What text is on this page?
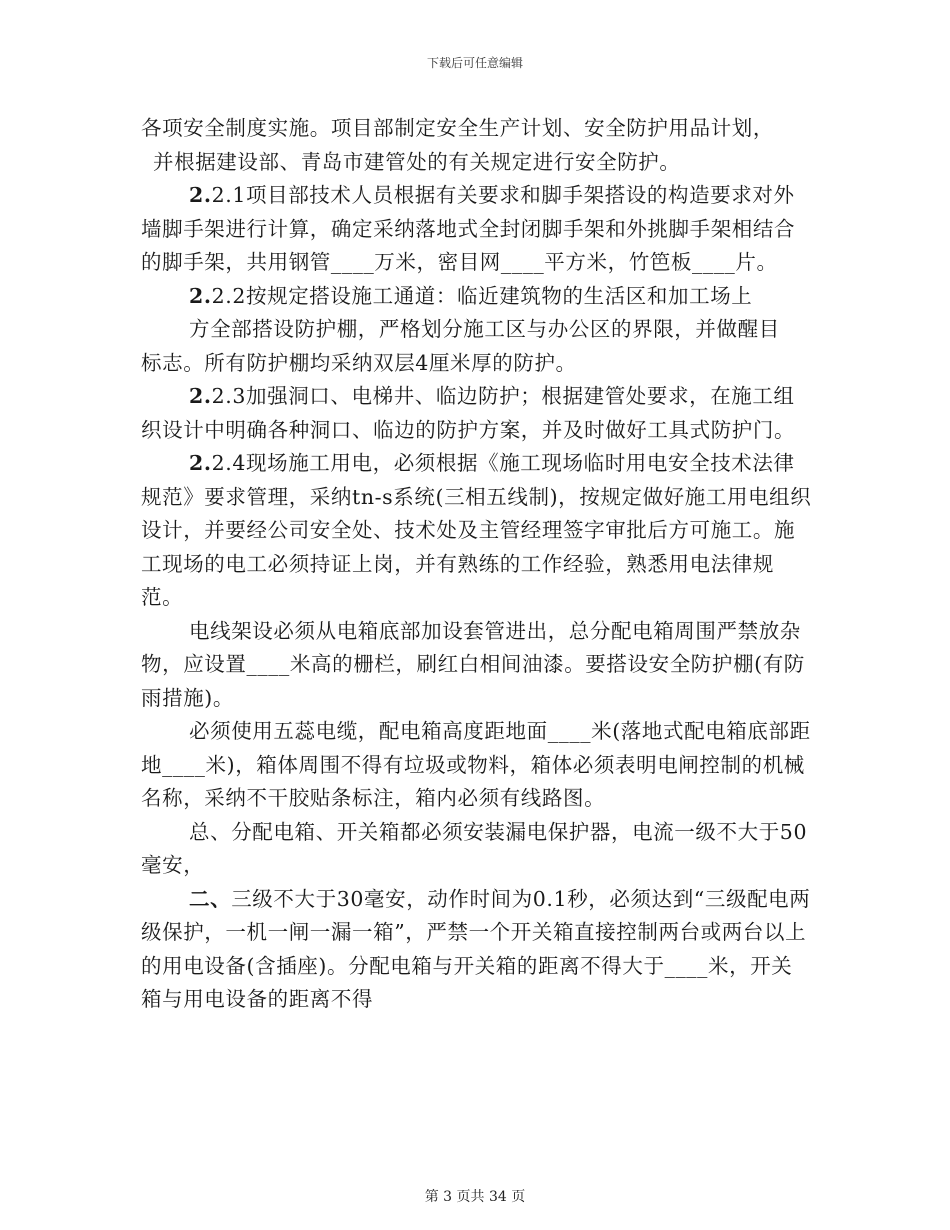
下载后可任意编辑

各项安全制度实施。项目部制定安全生产计划、安全防护用品计划，

并根据建设部、青岛市建管处的有关规定进行安全防护。

2.2.1项目部技术人员根据有关要求和脚手架搭设的构造要求对外墙脚手架进行计算，确定采纳落地式全封闭脚手架和外挑脚手架相结合的脚手架，共用钢管____万米，密目网____平方米，竹笆板____片。

2.2.2按规定搭设施工通道：临近建筑物的生活区和加工场上

方全部搭设防护棚，严格划分施工区与办公区的界限，并做醒目

标志。所有防护棚均采纳双层4厘米厚的防护。

2.2.3加强洞口、电梯井、临边防护；根据建管处要求，在施工组织设计中明确各种洞口、临边的防护方案，并及时做好工具式防护门。

2.2.4现场施工用电，必须根据《施工现场临时用电安全技术法律规范》要求管理，采纳tn-s系统(三相五线制)，按规定做好施工用电组织设计，并要经公司安全处、技术处及主管经理签字审批后方可施工。施工现场的电工必须持证上岗，并有熟练的工作经验，熟悉用电法律规范。

电线架设必须从电箱底部加设套管进出，总分配电箱周围严禁放杂物，应设置____米高的栅栏，刷红白相间油漆。要搭设安全防护棚(有防雨措施)。

必须使用五蕊电缆，配电箱高度距地面____米(落地式配电箱底部距地____米)，箱体周围不得有垃圾或物料，箱体必须表明电闸控制的机械名称，采纳不干胶贴条标注，箱内必须有线路图。

总、分配电箱、开关箱都必须安装漏电保护器，电流一级不大于50毫安，

二、三级不大于30毫安，动作时间为0.1秒，必须达到“三级配电两级保护，一机一闸一漏一箱”，严禁一个开关箱直接控制两台或两台以上的用电设备(含插座)。分配电箱与开关箱的距离不得大于____米，开关箱与用电设备的距离不得

第 3 页共 34 页
